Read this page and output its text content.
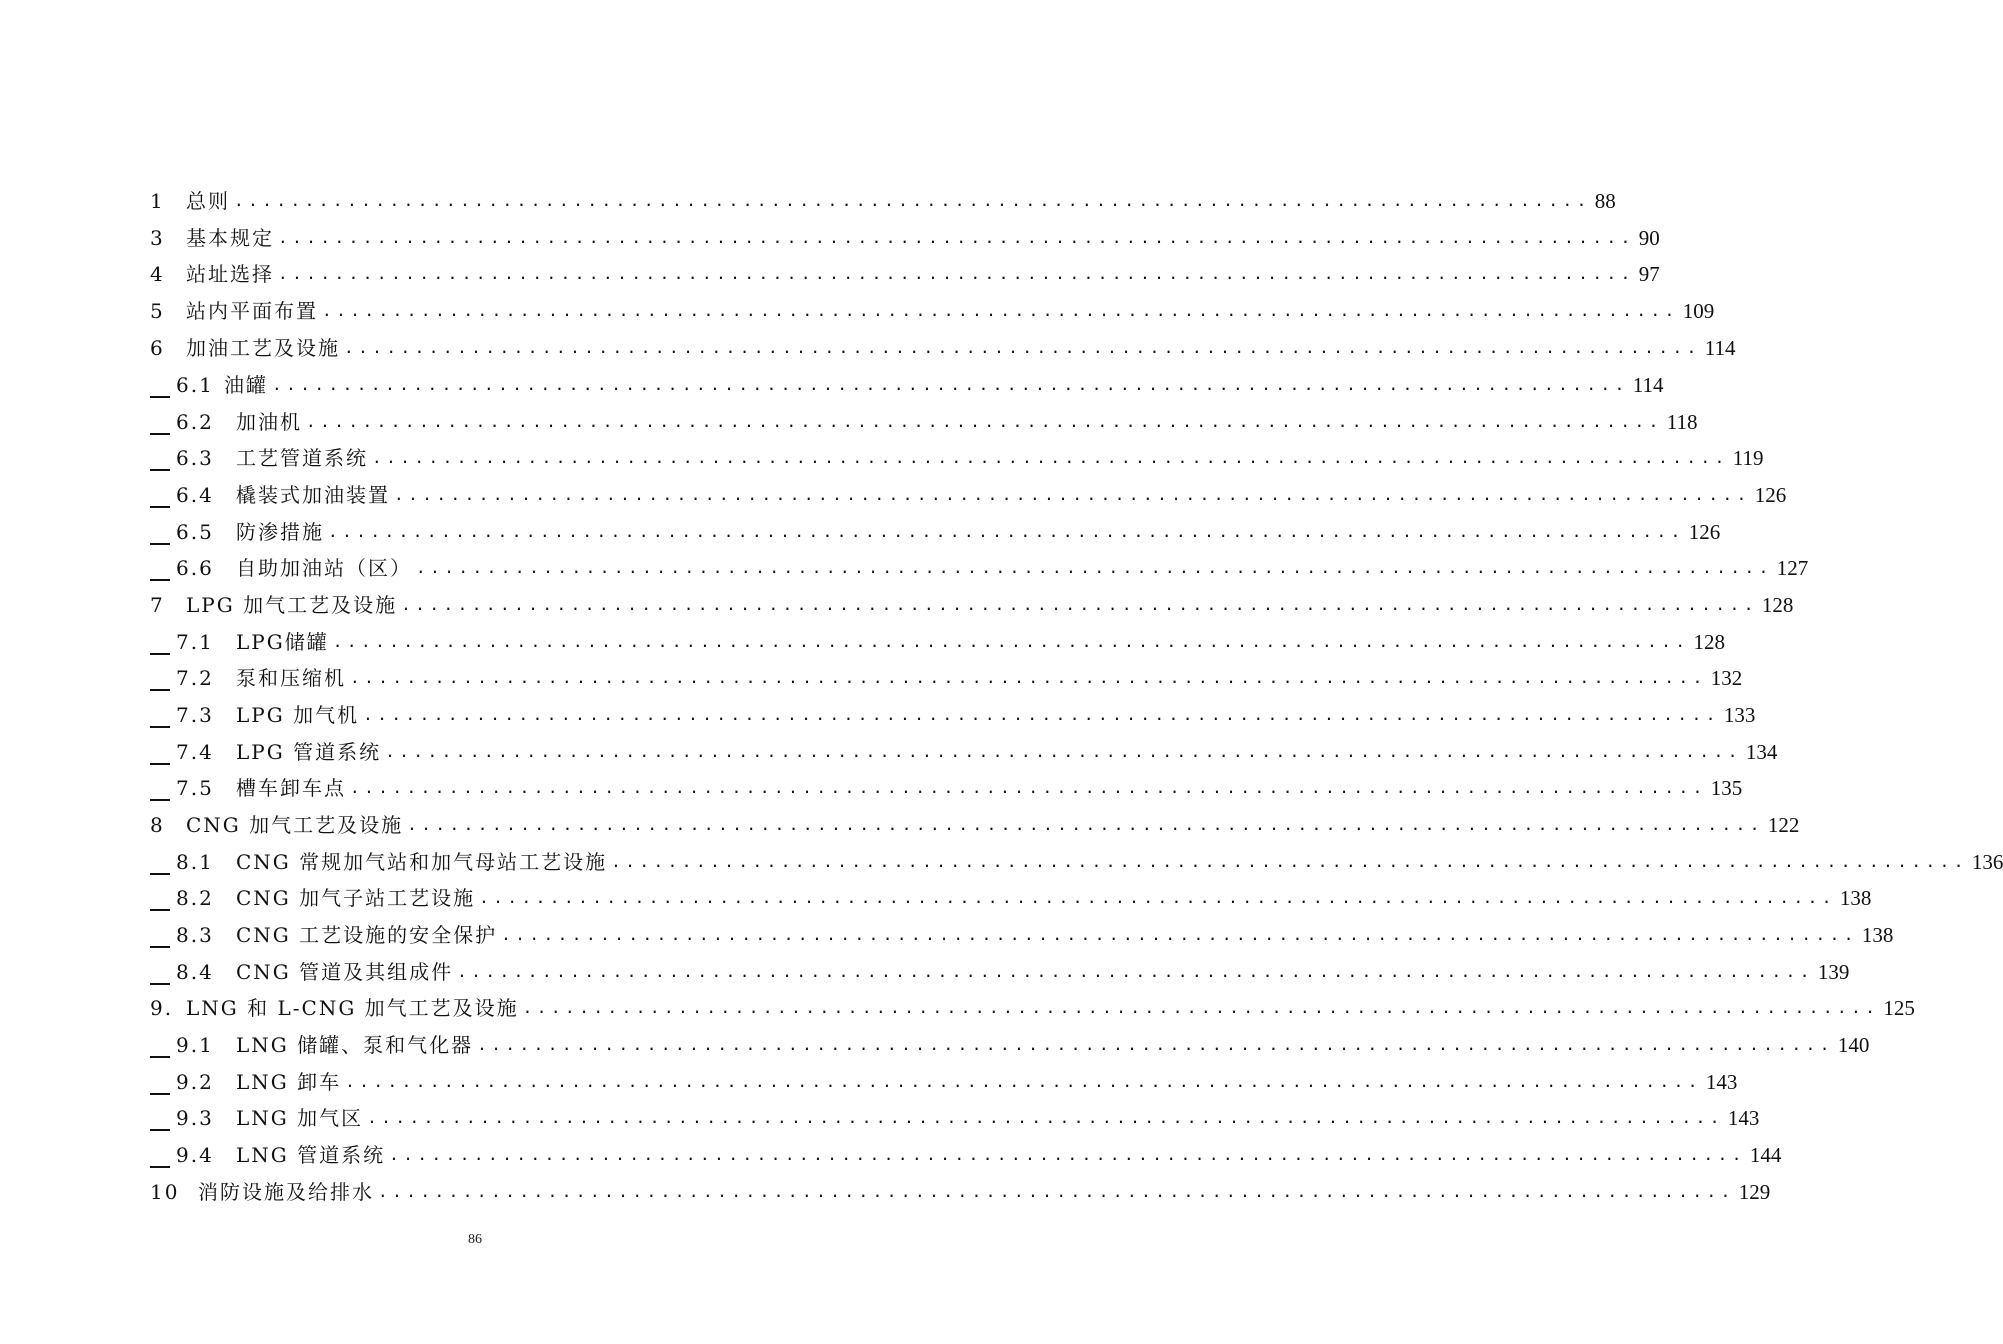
1	总则 ................................................................................................ 88
3	基本规定 ................................................................................................ 90
4	站址选择 ................................................................................................ 97
5	站内平面布置 ................................................................................................ 109
6	加油工艺及设施 ................................................................................................ 114
6.1 油罐 ................................................................................................ 114
6.2	加油机 ................................................................................................ 118
6.3	工艺管道系统 ................................................................................................ 119
6.4	橇装式加油装置 ................................................................................................ 126
6.5	防渗措施 ................................................................................................ 126
6.6	自助加油站（区） ................................................................................................ 127
7	LPG 加气工艺及设施 ................................................................................................ 128
7.1	LPG储罐 ................................................................................................ 128
7.2	泵和压缩机 ................................................................................................ 132
7.3	LPG 加气机 ................................................................................................ 133
7.4	LPG 管道系统 ................................................................................................ 134
7.5	槽车卸车点 ................................................................................................ 135
8	CNG 加气工艺及设施 ................................................................................................ 122
8.1	CNG 常规加气站和加气母站工艺设施 ................................................................................................ 136
8.2	CNG 加气子站工艺设施 ................................................................................................ 138
8.3	CNG 工艺设施的安全保护 ................................................................................................ 138
8.4	CNG 管道及其组成件 ................................................................................................ 139
9. LNG 和 L-CNG 加气工艺及设施 ................................................................................................ 125
9.1	LNG 储罐、泵和气化器 ................................................................................................ 140
9.2	LNG 卸车 ................................................................................................ 143
9.3	LNG 加气区 ................................................................................................ 143
9.4	LNG 管道系统 ................................................................................................ 144
10 消防设施及给排水 ................................................................................................ 129
86
